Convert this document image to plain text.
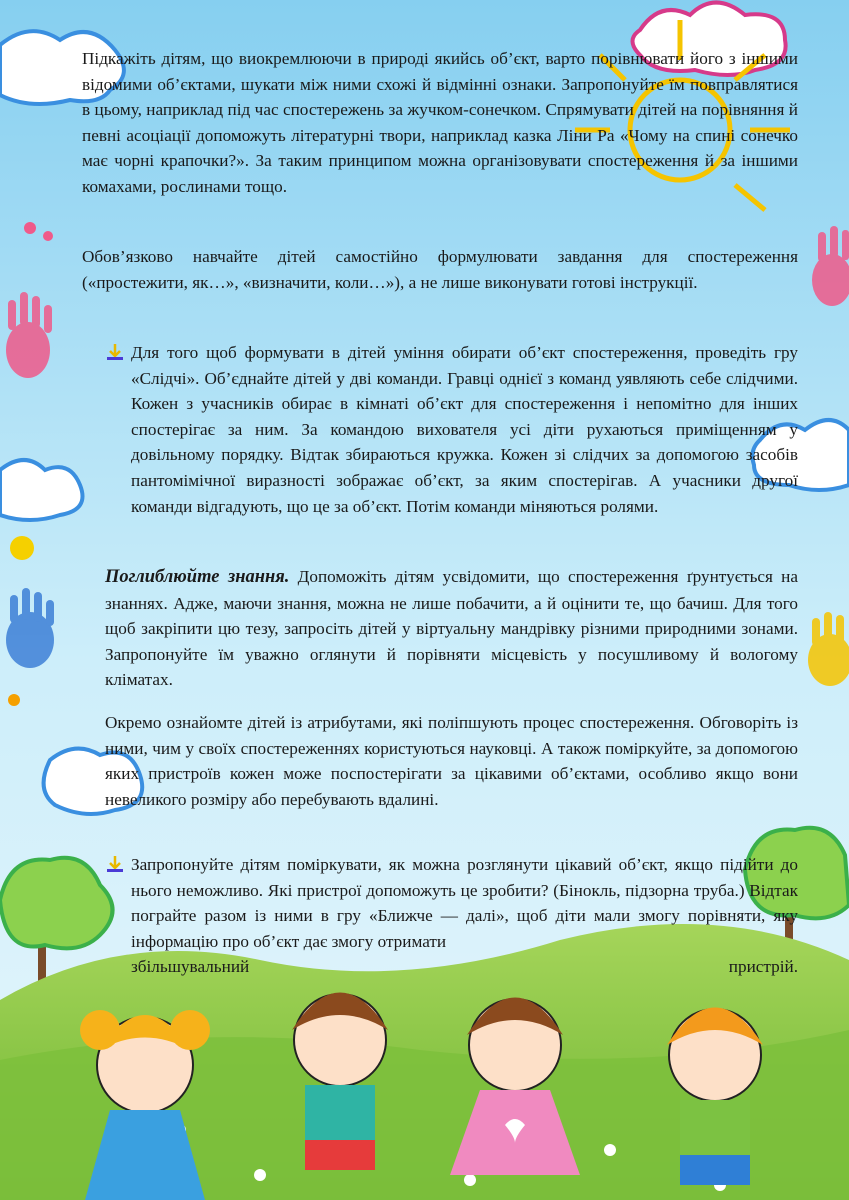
Підкажіть дітям, що виокремлюючи в природі якийсь об’єкт, варто порівнювати його з іншими відомими об’єктами, шукати між ними схожі й відмінні ознаки. Запропонуйте їм повправлятися в цьому, наприклад під час спостережень за жучком-сонечком. Спрямувати дітей на порівняння й певні асоціації допоможуть літературні твори, наприклад казка Ліни Ра «Чому на спині сонечко має чорні крапочки?». За таким принципом можна організовувати спостереження й за іншими комахами, рослинами тощо.

Обов’язково навчайте дітей самостійно формулювати завдання для спостереження («простежити, як…», «визначити, коли…»), а не лише виконувати готові інструкції.

Для того щоб формувати в дітей уміння обирати об’єкт спостереження, проведіть гру «Слідчі». Об’єднайте дітей у дві команди. Гравці однієї з команд уявляють себе слідчими. Кожен з учасників обирає в кімнаті об’єкт для спостереження і непомітно для інших спостерігає за ним. За командою вихователя усі діти рухаються приміщенням у довільному порядку. Відтак збираються кружка. Кожен зі слідчих за допомогою засобів пантомімічної виразності зображає об’єкт, за яким спостерігав. А учасники другої команди відгадують, що це за об’єкт. Потім команди міняються ролями.

Поглиблюйте знання. Допоможіть дітям усвідомити, що спостереження ґрунтується на знаннях. Адже, маючи знання, можна не лише побачити, а й оцінити те, що бачиш. Для того щоб закріпити цю тезу, запросіть дітей у віртуальну мандрівку різними природними зонами. Запропонуйте їм уважно оглянути й порівняти місцевість у посушливому й вологому кліматах.

Окремо ознайомте дітей із атрибутами, які поліпшують процес спостереження. Обговоріть із ними, чим у своїх спостереженнях користуються науковці. А також поміркуйте, за допомогою яких пристроїв кожен може поспостерігати за цікавими об’єктами, особливо якщо вони невеликого розміру або перебувають вдалині.

Запропонуйте дітям поміркувати, як можна розглянути цікавий об’єкт, якщо підійти до нього неможливо. Які пристрої допоможуть це зробити? (Бінокль, підзорна труба.) Відтак пограйте разом із ними в гру «Ближче — далі», щоб діти мали змогу порівняти, яку інформацію про об’єкт дає змогу отримати
збільшувальний	пристрій.
